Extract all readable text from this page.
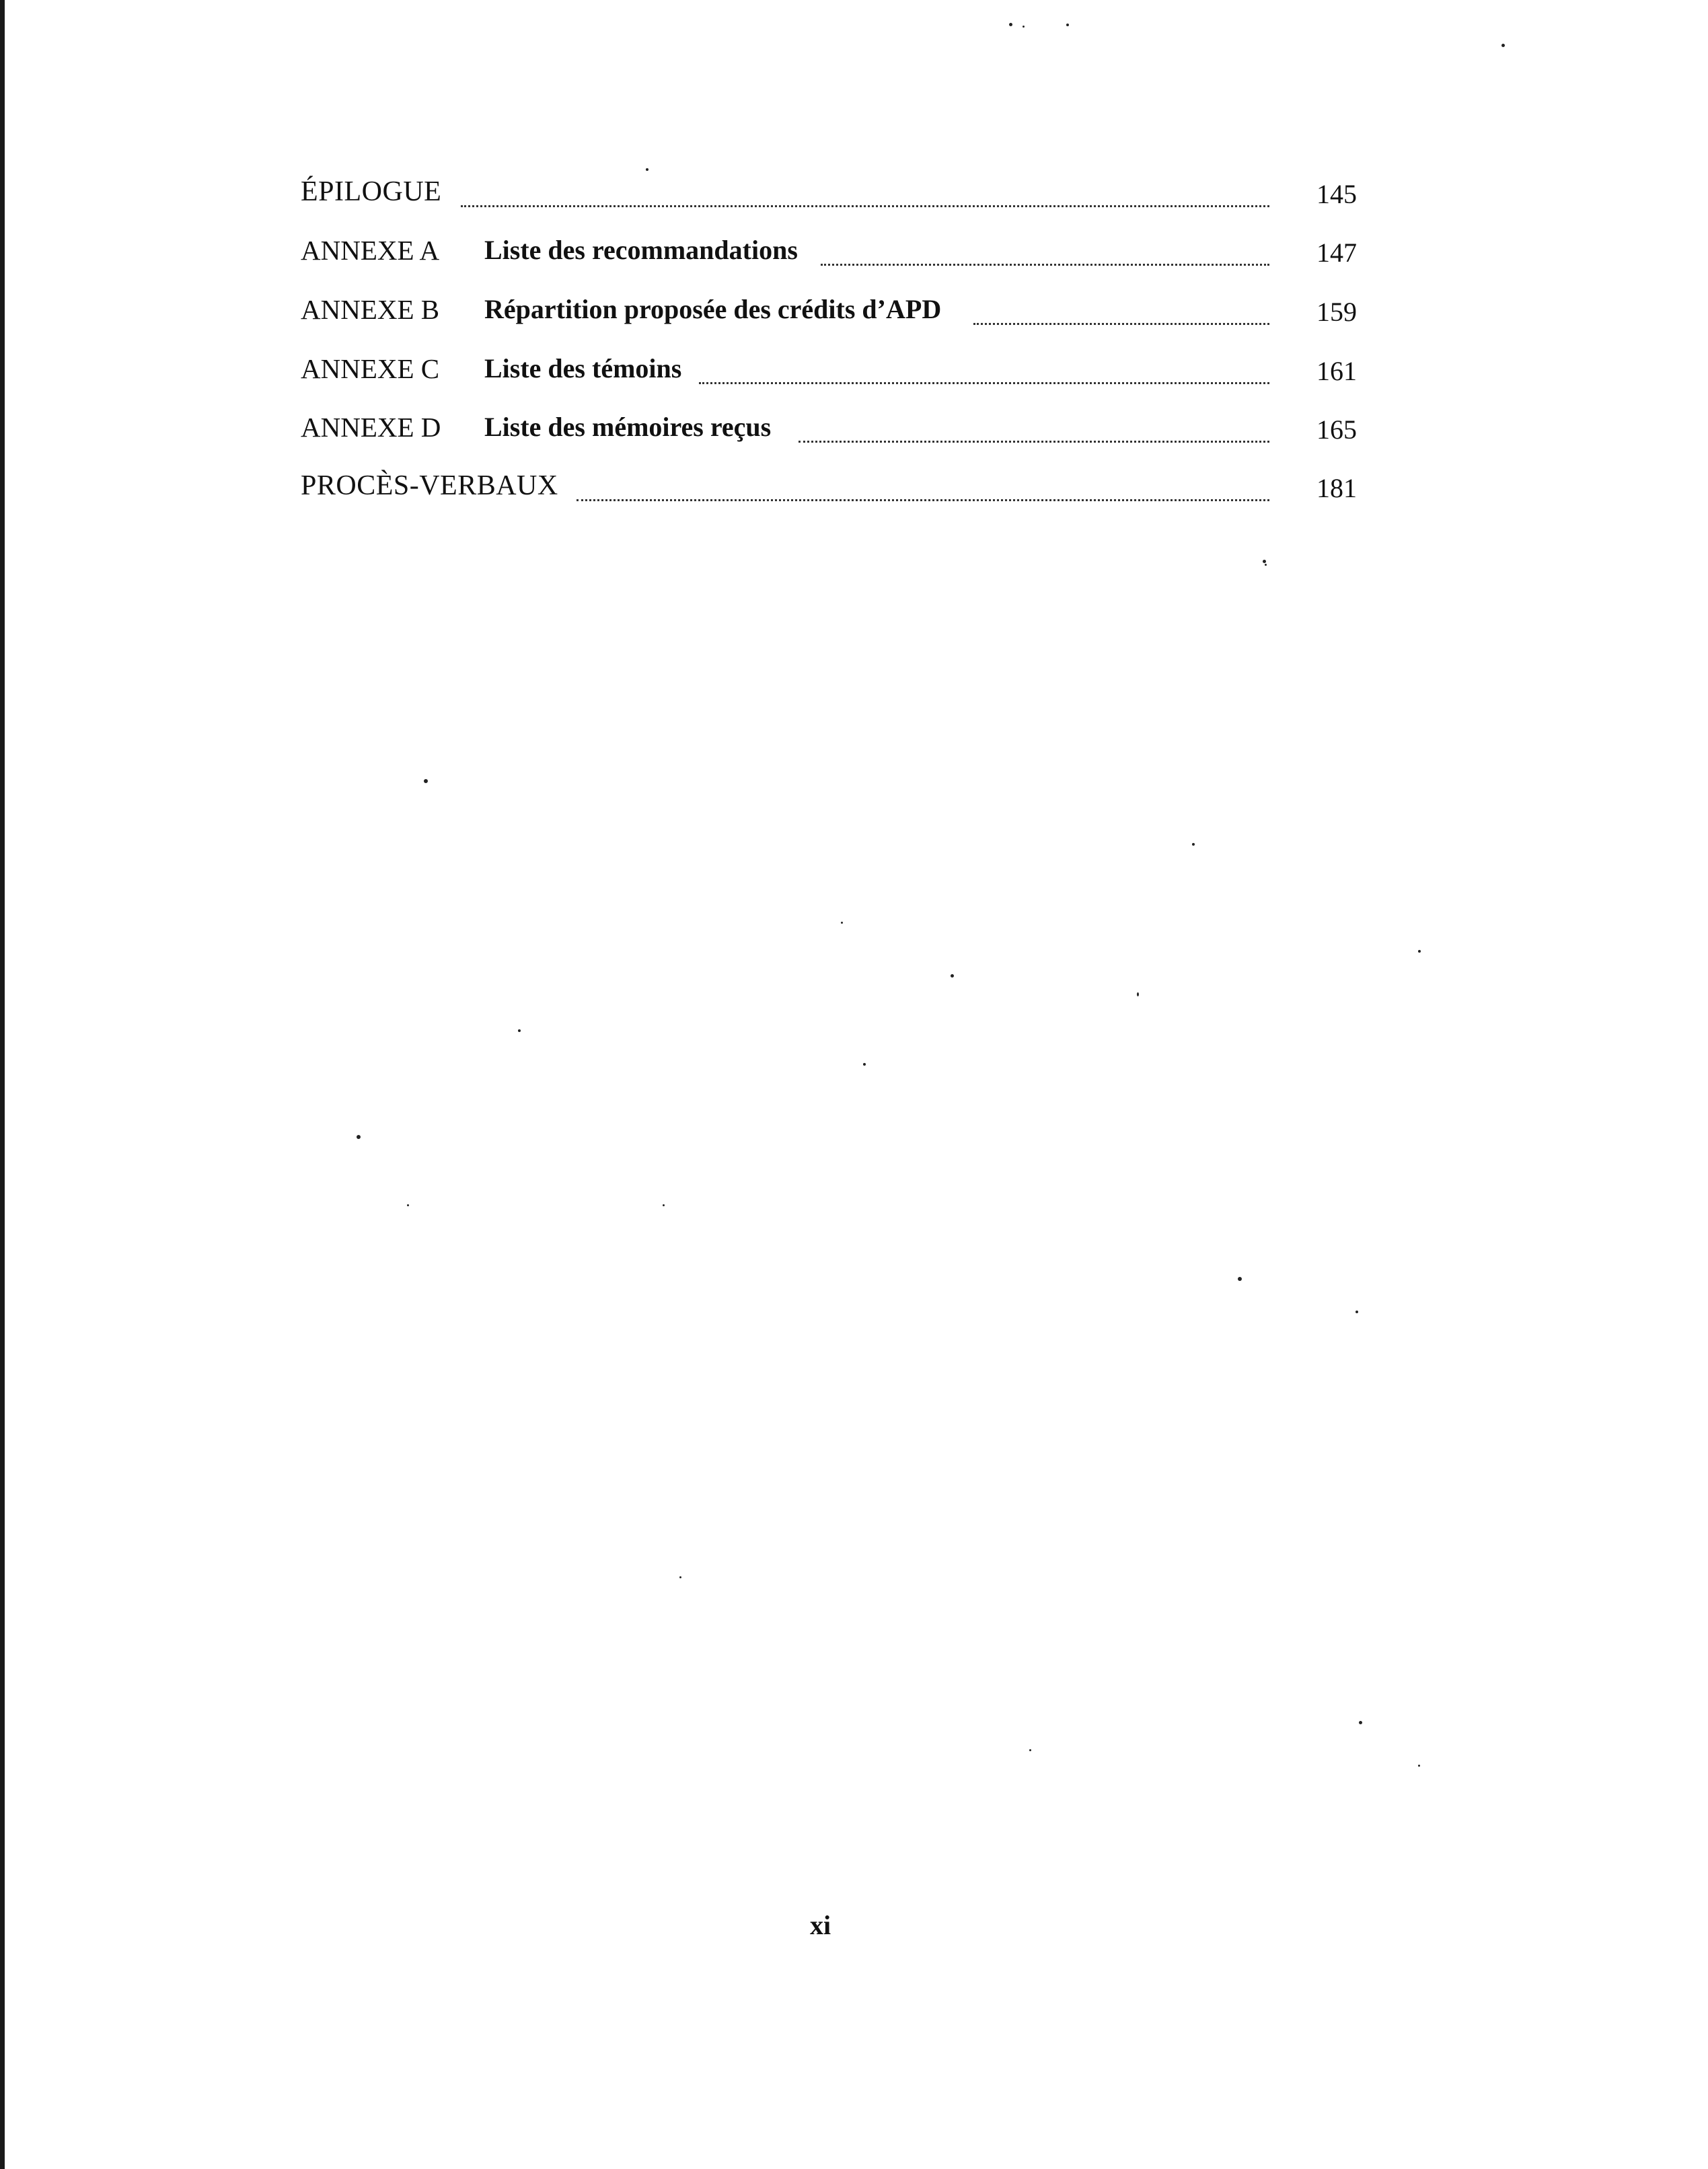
ÉPILOGUE	145
ANNEXE A Liste des recommandations	147
ANNEXE B Répartition proposée des crédits d’APD	159
ANNEXE C Liste des témoins	161
ANNEXE D Liste des mémoires reçus	165
PROCÈS-VERBAUX	181
xi
